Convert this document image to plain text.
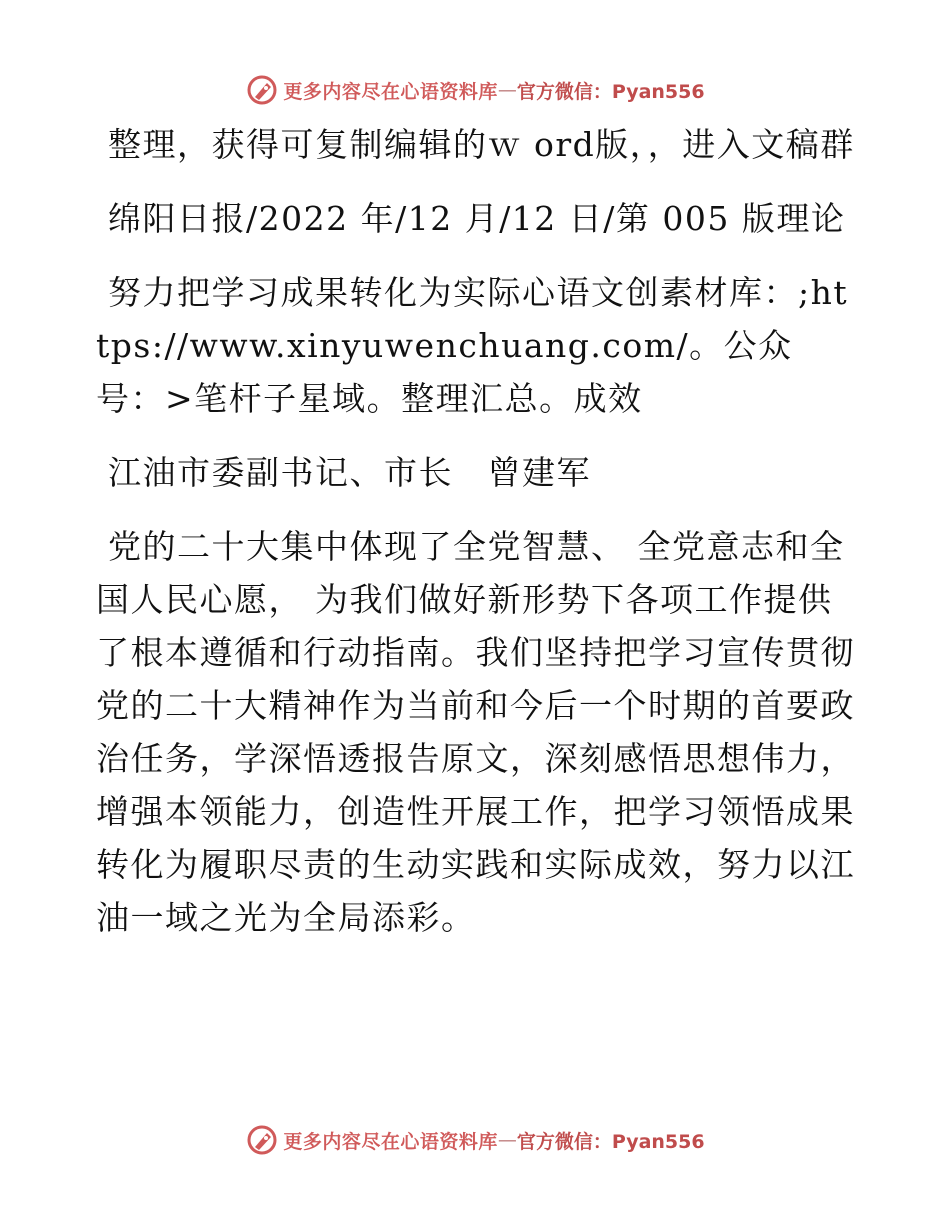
更多内容尽在心语资料库 — 官方微信：Pyan556

整理，获得可复制编辑的ｗ ord版，，进入文稿群

绵阳日报/2022 年/12 月/12 日/第 005 版理论

努力把学习成果转化为实际心语文创素材库：;https://www.xinyuwenchuang.com/。公众号：>笔杆子星域。整理汇总。成效

江油市委副书记、市长　曾建军

党的二十大集中体现了全党智慧、 全党意志和全国人民心愿， 为我们做好新形势下各项工作提供了根本遵循和行动指南。我们坚持把学习宣传贯彻党的二十大精神作为当前和今后一个时期的首要政治任务，学深悟透报告原文，深刻感悟思想伟力，增强本领能力，创造性开展工作，把学习领悟成果转化为履职尽责的生动实践和实际成效，努力以江油一域之光为全局添彩。

更多内容尽在心语资料库 — 官方微信：Pyan556
